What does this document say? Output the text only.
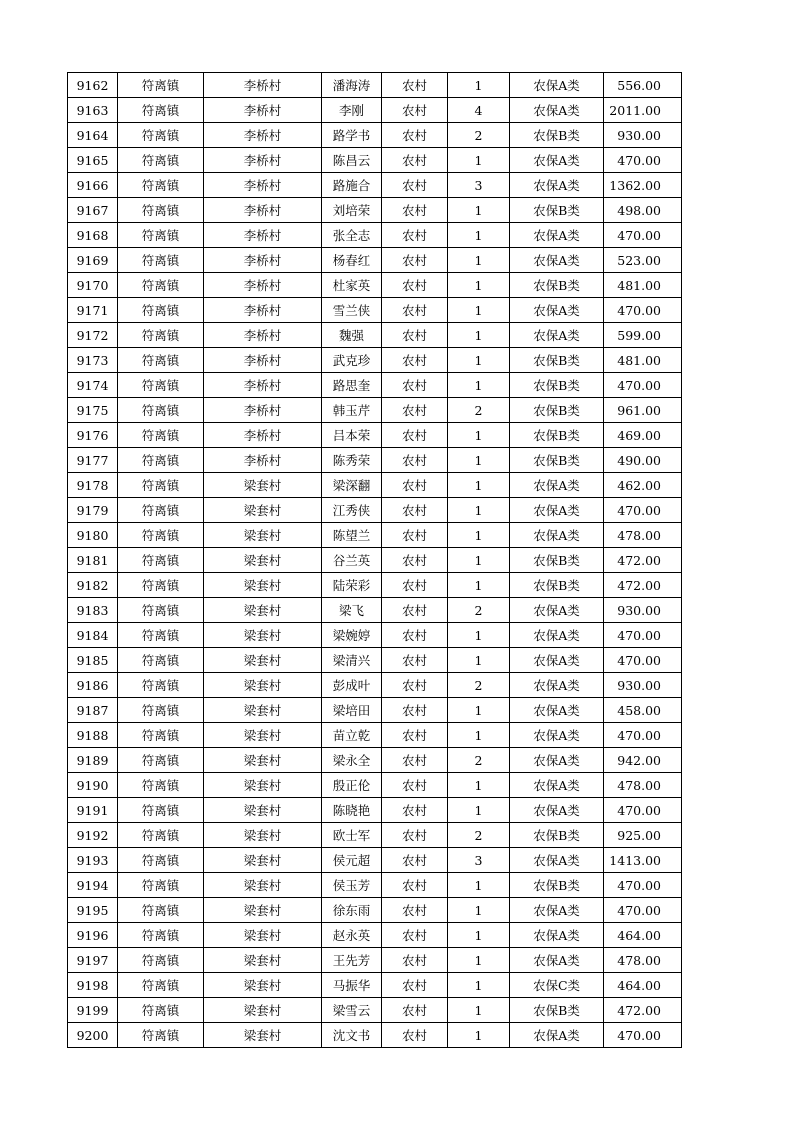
9162	符离镇	李桥村	潘海涛	农村	1	农保A类	556.00
9163	符离镇	李桥村	李刚	农村	4	农保A类	2011.00
9164	符离镇	李桥村	路学书	农村	2	农保B类	930.00
9165	符离镇	李桥村	陈昌云	农村	1	农保A类	470.00
9166	符离镇	李桥村	路施合	农村	3	农保A类	1362.00
9167	符离镇	李桥村	刘培荣	农村	1	农保B类	498.00
9168	符离镇	李桥村	张全志	农村	1	农保A类	470.00
9169	符离镇	李桥村	杨春红	农村	1	农保A类	523.00
9170	符离镇	李桥村	杜家英	农村	1	农保B类	481.00
9171	符离镇	李桥村	雪兰侠	农村	1	农保A类	470.00
9172	符离镇	李桥村	魏强	农村	1	农保A类	599.00
9173	符离镇	李桥村	武克珍	农村	1	农保B类	481.00
9174	符离镇	李桥村	路思奎	农村	1	农保B类	470.00
9175	符离镇	李桥村	韩玉芹	农村	2	农保B类	961.00
9176	符离镇	李桥村	吕本荣	农村	1	农保B类	469.00
9177	符离镇	李桥村	陈秀荣	农村	1	农保B类	490.00
9178	符离镇	梁套村	梁深翻	农村	1	农保A类	462.00
9179	符离镇	梁套村	江秀侠	农村	1	农保A类	470.00
9180	符离镇	梁套村	陈望兰	农村	1	农保A类	478.00
9181	符离镇	梁套村	谷兰英	农村	1	农保B类	472.00
9182	符离镇	梁套村	陆荣彩	农村	1	农保B类	472.00
9183	符离镇	梁套村	梁飞	农村	2	农保A类	930.00
9184	符离镇	梁套村	梁婉婷	农村	1	农保A类	470.00
9185	符离镇	梁套村	梁清兴	农村	1	农保A类	470.00
9186	符离镇	梁套村	彭成叶	农村	2	农保A类	930.00
9187	符离镇	梁套村	梁培田	农村	1	农保A类	458.00
9188	符离镇	梁套村	苗立乾	农村	1	农保A类	470.00
9189	符离镇	梁套村	梁永全	农村	2	农保A类	942.00
9190	符离镇	梁套村	殷正伦	农村	1	农保A类	478.00
9191	符离镇	梁套村	陈晓艳	农村	1	农保A类	470.00
9192	符离镇	梁套村	欧士军	农村	2	农保B类	925.00
9193	符离镇	梁套村	侯元超	农村	3	农保A类	1413.00
9194	符离镇	梁套村	侯玉芳	农村	1	农保B类	470.00
9195	符离镇	梁套村	徐东雨	农村	1	农保A类	470.00
9196	符离镇	梁套村	赵永英	农村	1	农保A类	464.00
9197	符离镇	梁套村	王先芳	农村	1	农保A类	478.00
9198	符离镇	梁套村	马振华	农村	1	农保C类	464.00
9199	符离镇	梁套村	梁雪云	农村	1	农保B类	472.00
9200	符离镇	梁套村	沈文书	农村	1	农保A类	470.00
